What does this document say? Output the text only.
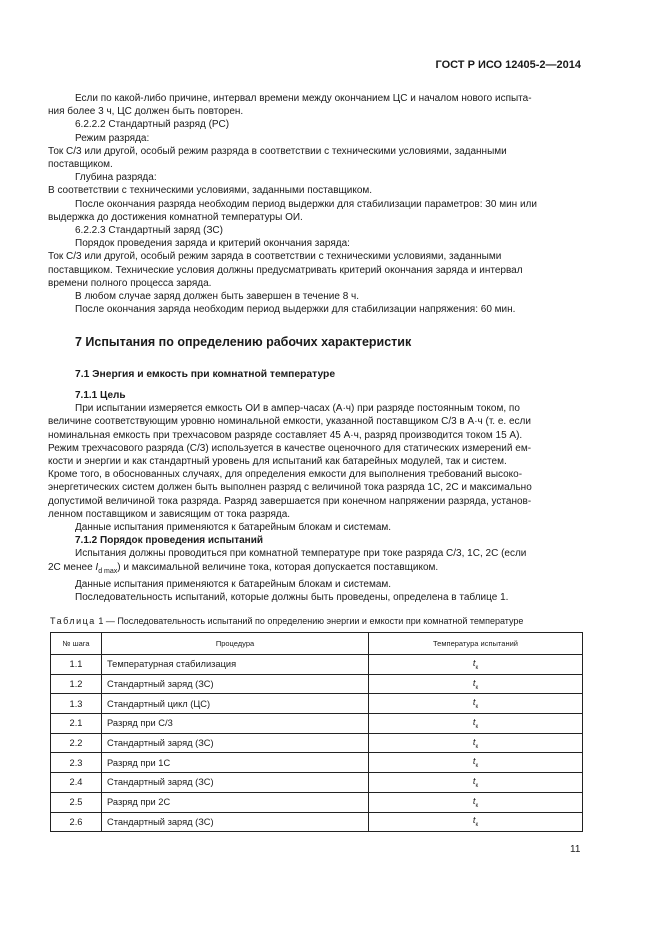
ГОСТ Р ИСО 12405-2—2014
Если по какой-либо причине, интервал времени между окончанием ЦС и началом нового испыта-
ния более 3 ч, ЦС должен быть повторен.
6.2.2.2 Стандартный разряд (РС)
Режим разряда:
Ток С/3 или другой, особый режим разряда в соответствии с техническими условиями, заданными
поставщиком.
Глубина разряда:
В соответствии с техническими условиями, заданными поставщиком.
После окончания разряда необходим период выдержки для стабилизации параметров: 30 мин или
выдержка до достижения комнатной температуры ОИ.
6.2.2.3 Стандартный заряд (ЗС)
Порядок проведения заряда и критерий окончания заряда:
Ток С/3 или другой, особый режим заряда в соответствии с техническими условиями, заданными
поставщиком. Технические условия должны предусматривать критерий окончания заряда и интервал
времени полного процесса заряда.
В любом случае заряд должен быть завершен в течение 8 ч.
После окончания заряда необходим период выдержки для стабилизации напряжения: 60 мин.
7 Испытания по определению рабочих характеристик
7.1 Энергия и емкость при комнатной температуре
7.1.1 Цель
При испытании измеряется емкость ОИ в ампер-часах (А·ч) при разряде постоянным током, по
величине соответствующим уровню номинальной емкости, указанной поставщиком С/3 в А·ч (т. е. если
номинальная емкость при трехчасовом разряде составляет 45 А·ч, разряд производится током 15 А).
Режим трехчасового разряда (С/3) используется в качестве оценочного для статических измерений ем-
кости и энергии и как стандартный уровень для испытаний как батарейных модулей, так и систем.
Кроме того, в обоснованных случаях, для определения емкости для выполнения требований высоко-
энергетических систем должен быть выполнен разряд с величиной тока разряда 1С, 2С и максимально
допустимой величиной тока разряда. Разряд завершается при конечном напряжении разряда, установ-
ленном поставщиком и зависящим от тока разряда.
Данные испытания применяются к батарейным блокам и системам.
7.1.2 Порядок проведения испытаний
Испытания должны проводиться при комнатной температуре при токе разряда С/3, 1С, 2С (если
2С менее $I_{d max}$) и максимальной величине тока, которая допускается поставщиком.
Данные испытания применяются к батарейным блокам и системам.
Последовательность испытаний, которые должны быть проведены, определена в таблице 1.
Таблица 1 — Последовательность испытаний по определению энергии и емкости при комнатной температуре
№ шага	Процедура	Температура испытаний
1.1	Температурная стабилизация	$t_к$
1.2	Стандартный заряд (ЗС)	$t_к$
1.3	Стандартный цикл (ЦС)	$t_к$
2.1	Разряд при С/3	$t_к$
2.2	Стандартный заряд (ЗС)	$t_к$
2.3	Разряд при 1С	$t_к$
2.4	Стандартный заряд (ЗС)	$t_к$
2.5	Разряд при 2С	$t_к$
2.6	Стандартный заряд (ЗС)	$t_к$
11
